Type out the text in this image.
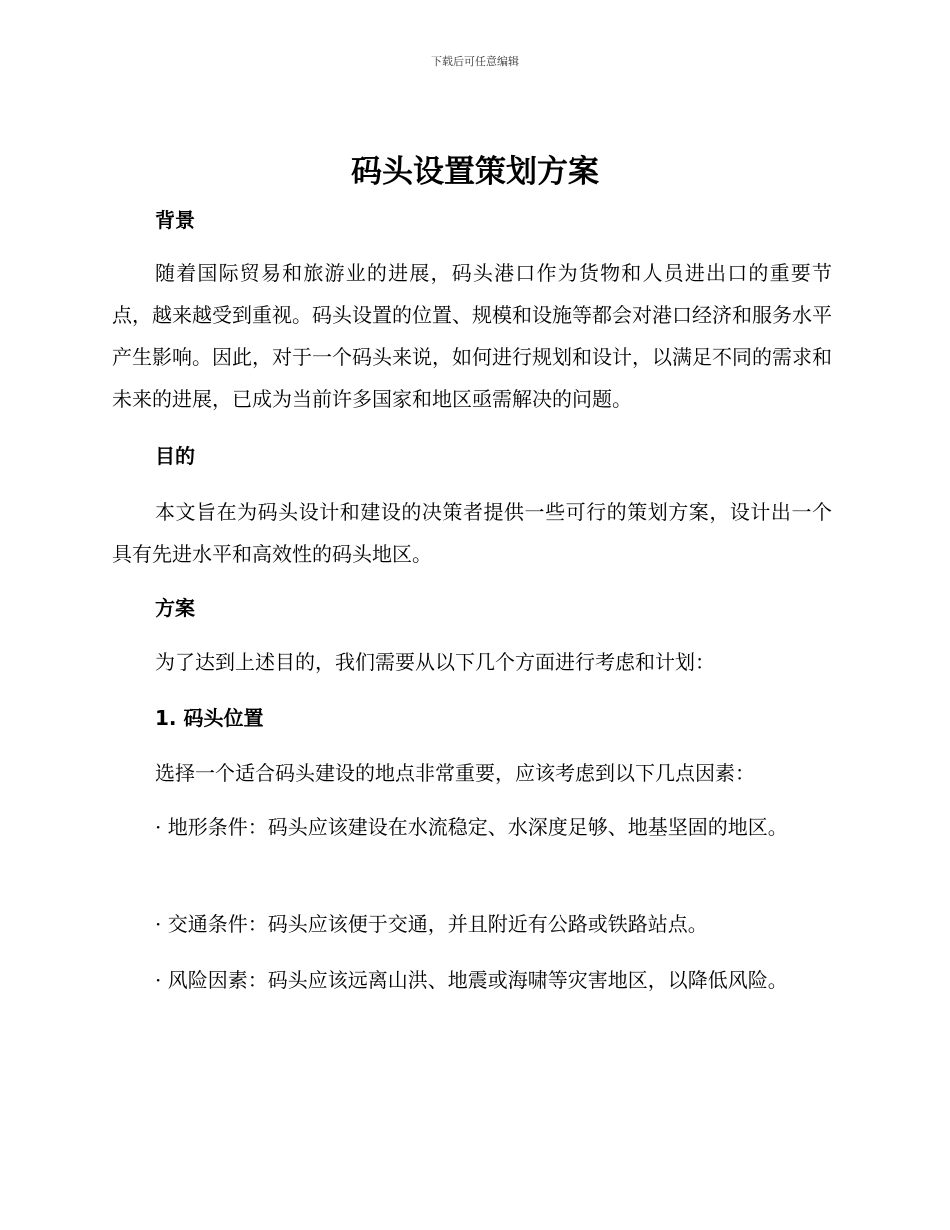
下载后可任意编辑
码头设置策划方案
背景

随着国际贸易和旅游业的进展，码头港口作为货物和人员进出口的重要节点，越来越受到重视。码头设置的位置、规模和设施等都会对港口经济和服务水平产生影响。因此，对于一个码头来说，如何进行规划和设计，以满足不同的需求和未来的进展，已成为当前许多国家和地区亟需解决的问题。

目的

本文旨在为码头设计和建设的决策者提供一些可行的策划方案，设计出一个具有先进水平和高效性的码头地区。

方案

为了达到上述目的，我们需要从以下几个方面进行考虑和计划：

1. 码头位置

选择一个适合码头建设的地点非常重要，应该考虑到以下几点因素：

· 地形条件：码头应该建设在水流稳定、水深度足够、地基坚固的地区。

· 交通条件：码头应该便于交通，并且附近有公路或铁路站点。

· 风险因素：码头应该远离山洪、地震或海啸等灾害地区，以降低风险。
